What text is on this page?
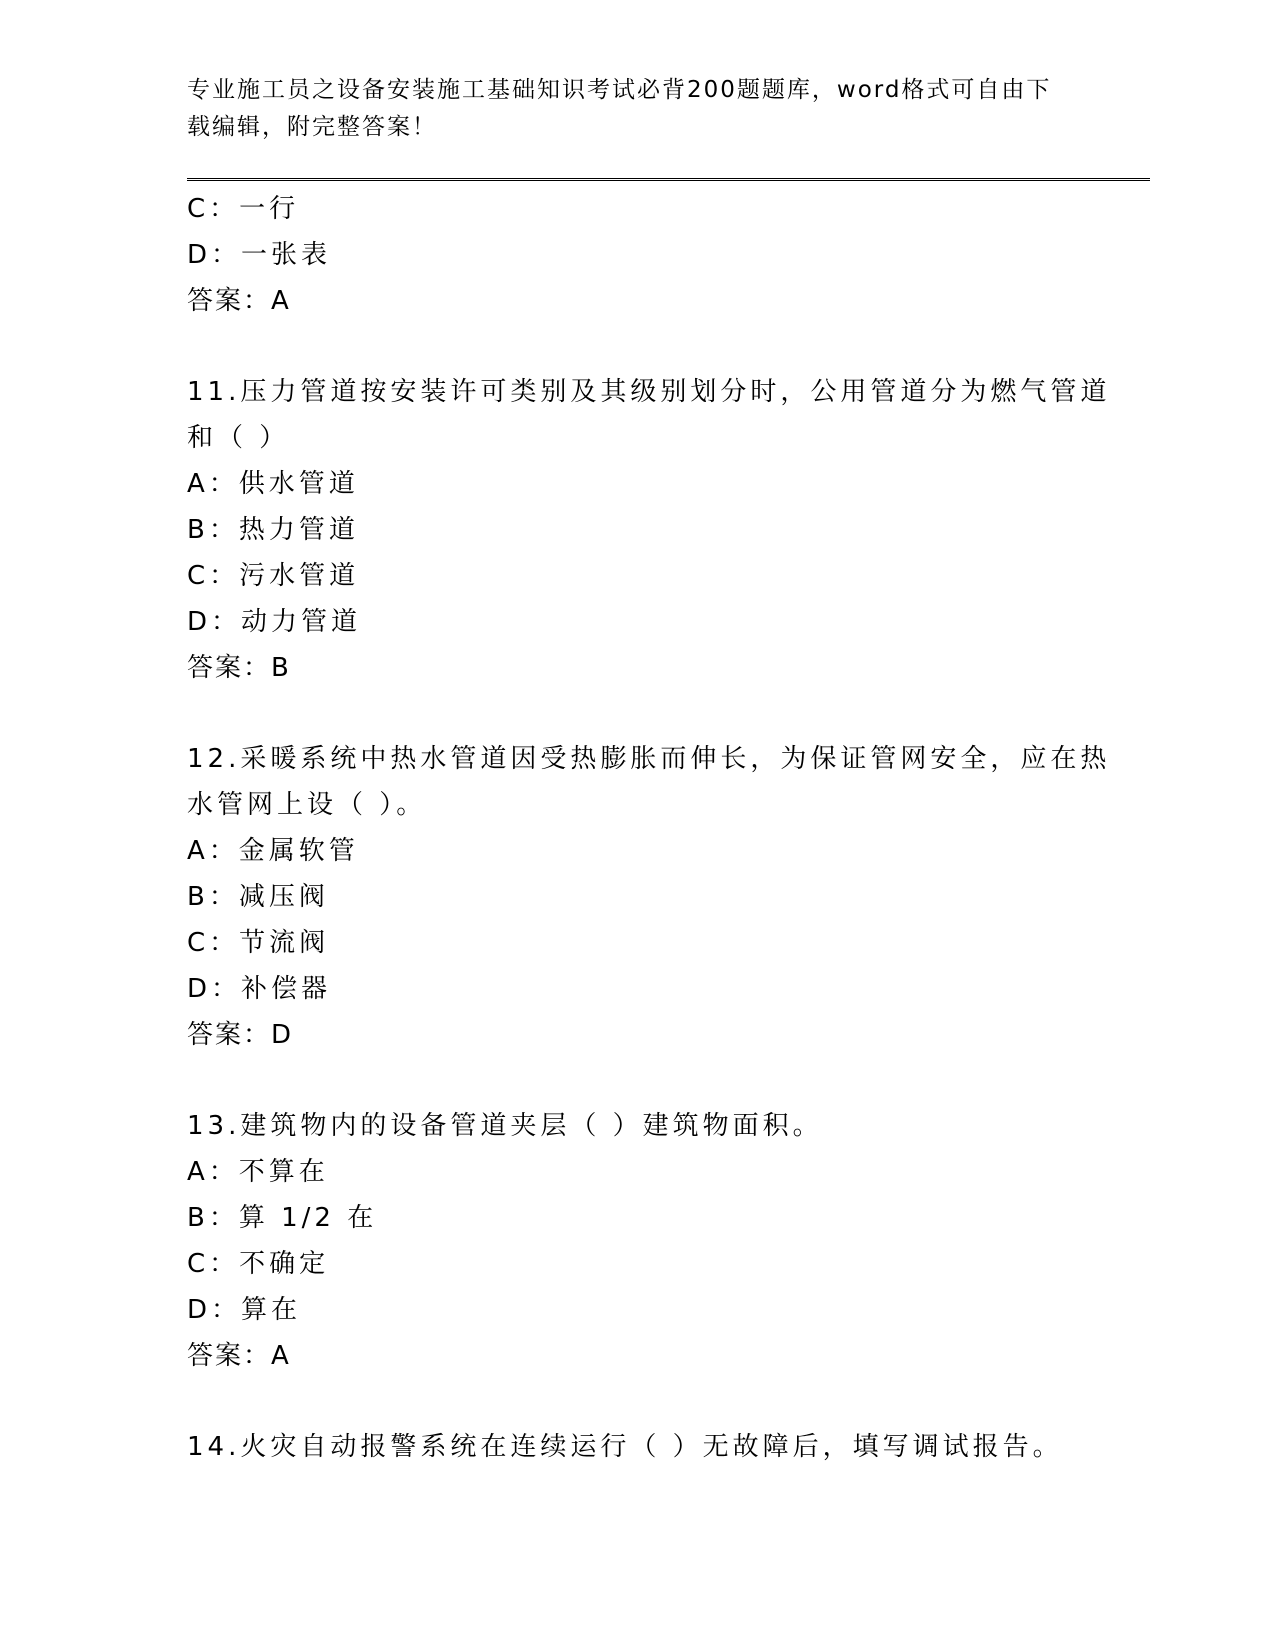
专业施工员之设备安装施工基础知识考试必背200题题库，word格式可自由下载编辑，附完整答案！
C：一行
D：一张表
答案：A
11.压力管道按安装许可类别及其级别划分时，公用管道分为燃气管道
和（ ）
A：供水管道
B：热力管道
C：污水管道
D：动力管道
答案：B
12.采暖系统中热水管道因受热膨胀而伸长，为保证管网安全，应在热
水管网上设（ ）。
A：金属软管
B：减压阀
C：节流阀
D：补偿器
答案：D
13.建筑物内的设备管道夹层（ ）建筑物面积。
A：不算在
B：算 1/2 在
C：不确定
D：算在
答案：A
14.火灾自动报警系统在连续运行（ ）无故障后，填写调试报告。
